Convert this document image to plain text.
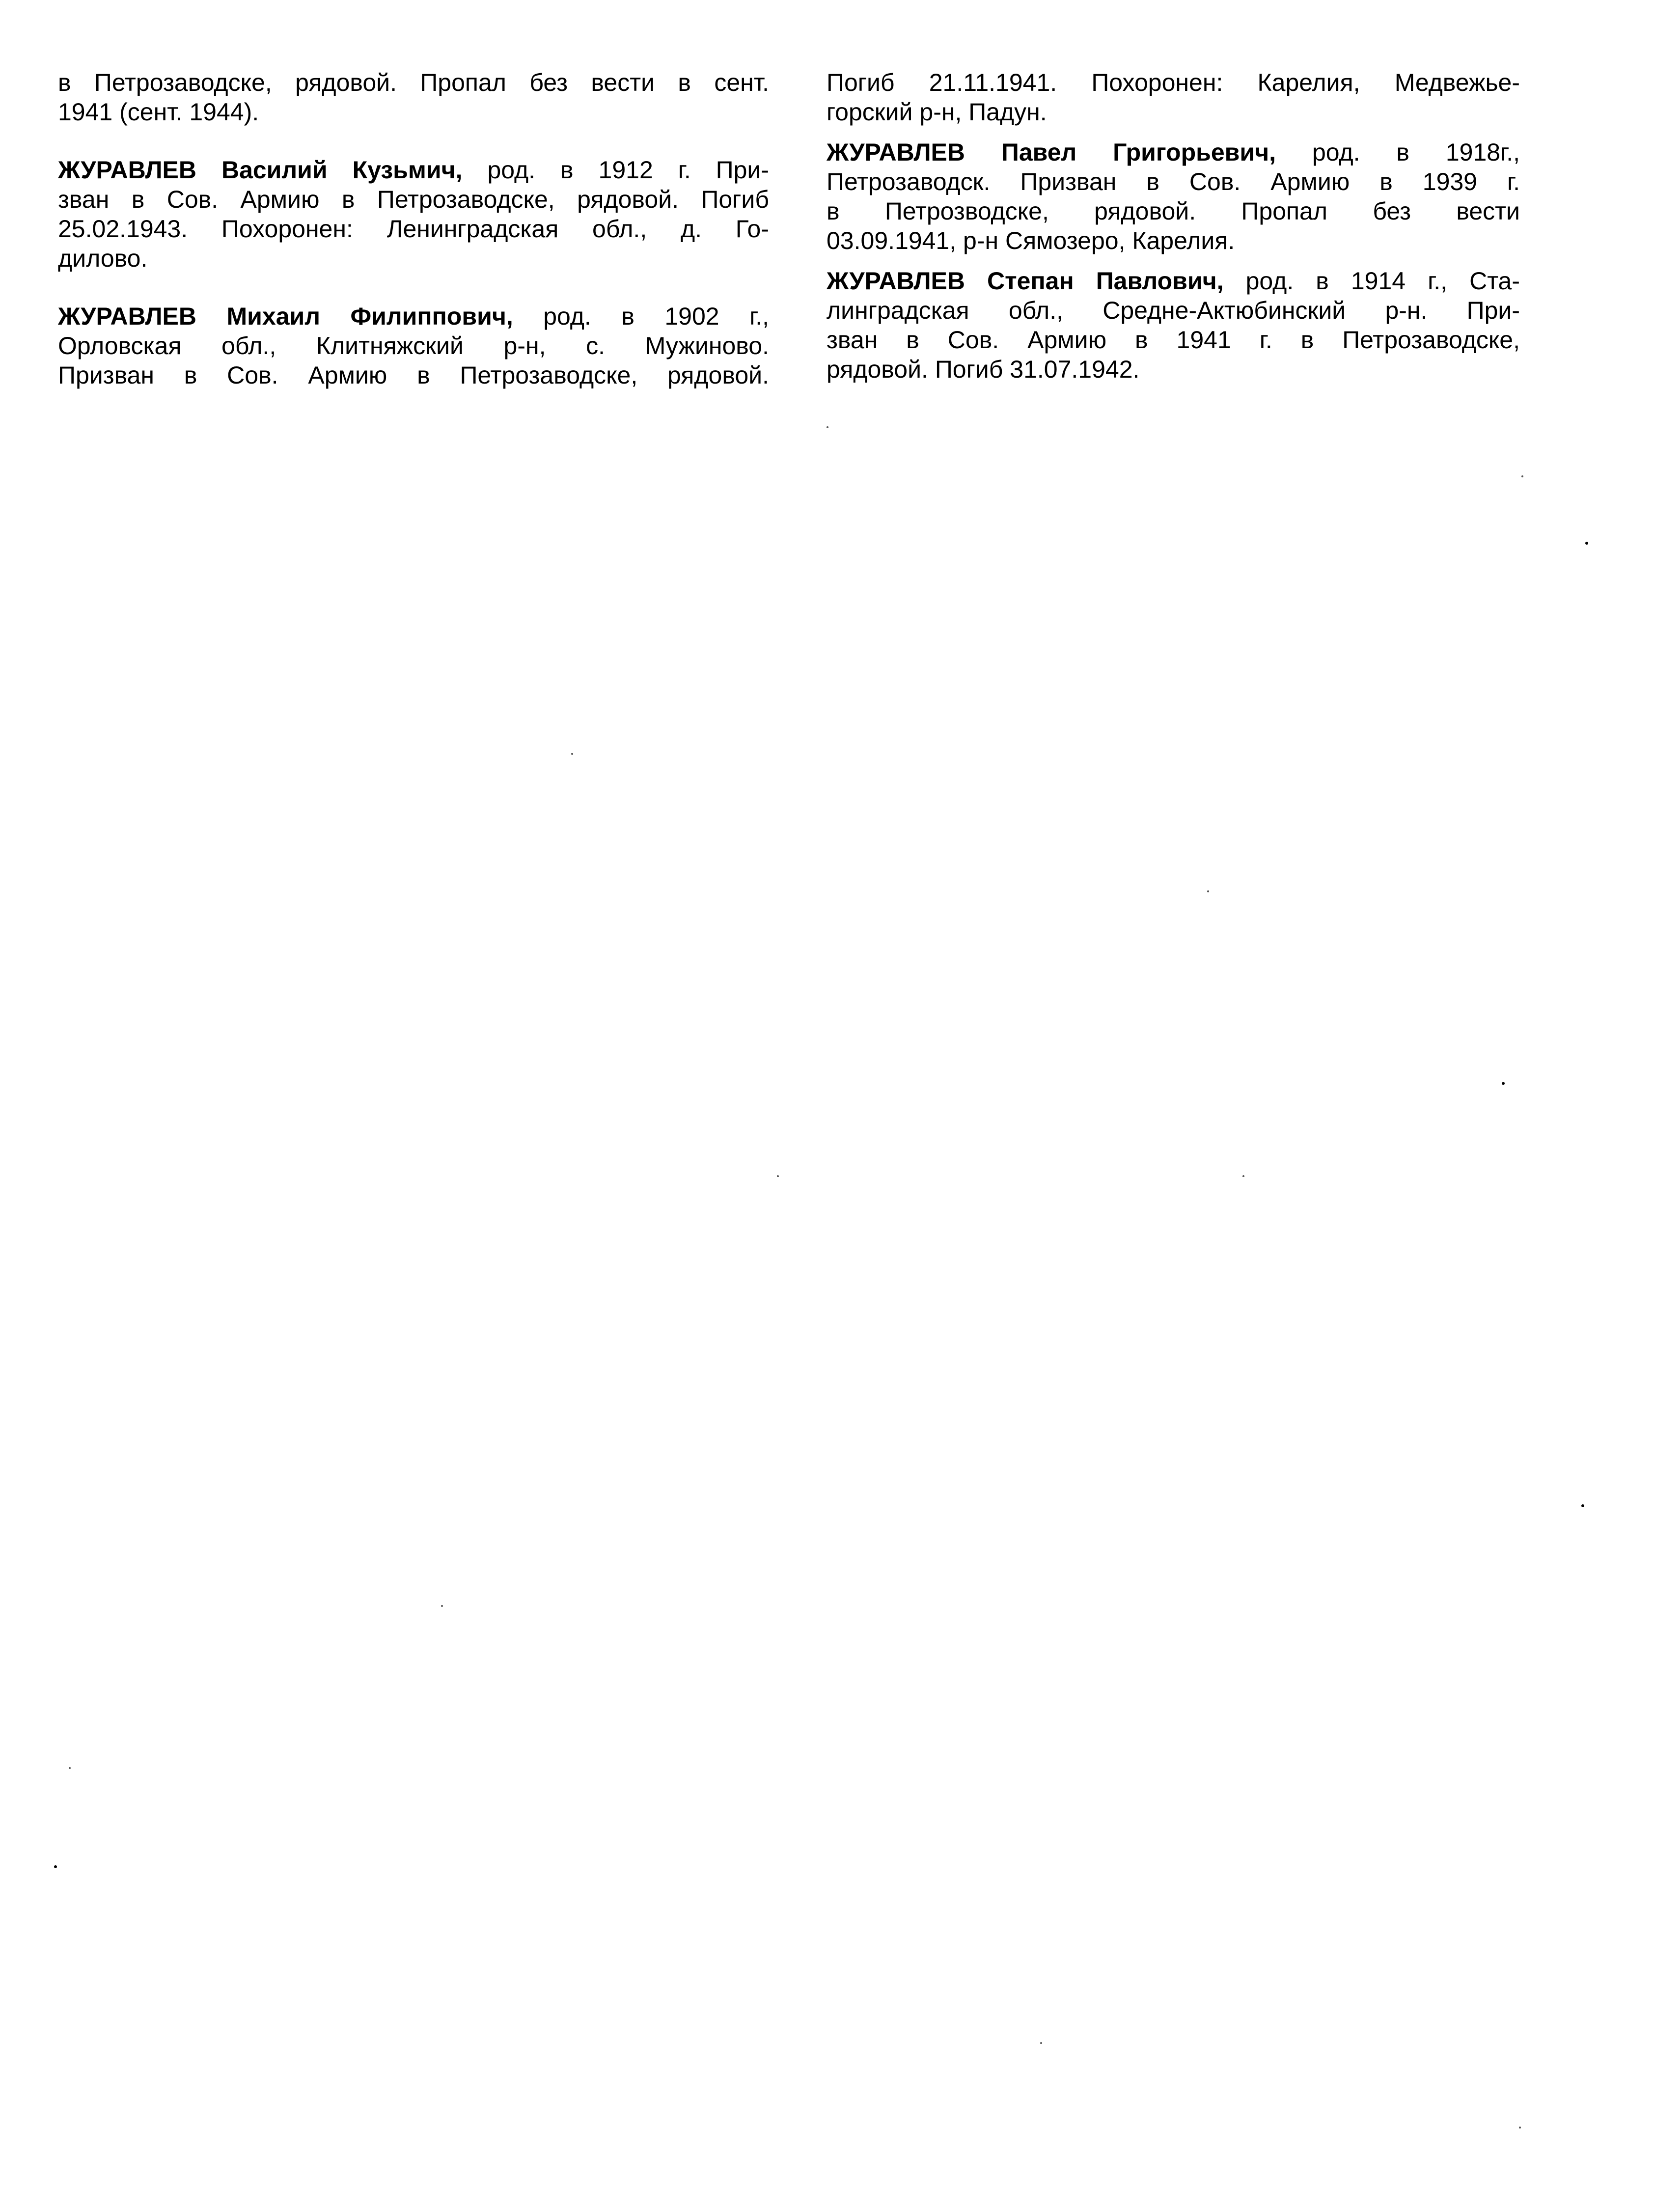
в Петрозаводске, рядовой. Пропал без вести в сент.
1941 (сент. 1944).
ЖУРАВЛЕВ Василий Кузьмич, род. в 1912 г. При-
зван в Сов. Армию в Петрозаводске, рядовой. Погиб
25.02.1943. Похоронен: Ленинградская обл., д. Го-
дилово.
ЖУРАВЛЕВ Михаил Филиппович, род. в 1902 г.,
Орловская обл., Клитняжский р-н, с. Мужиново.
Призван в Сов. Армию в Петрозаводске, рядовой.
Погиб 21.11.1941. Похоронен: Карелия, Медвежье-
горский р-н, Падун.
ЖУРАВЛЕВ Павел Григорьевич, род. в 1918г.,
Петрозаводск. Призван в Сов. Армию в 1939 г.
в Петрозводске, рядовой. Пропал без вести
03.09.1941, р-н Сямозеро, Карелия.
ЖУРАВЛЕВ Степан Павлович, род. в 1914 г., Ста-
линградская обл., Средне-Актюбинский р-н. При-
зван в Сов. Армию в 1941 г. в Петрозаводске,
рядовой. Погиб 31.07.1942.
